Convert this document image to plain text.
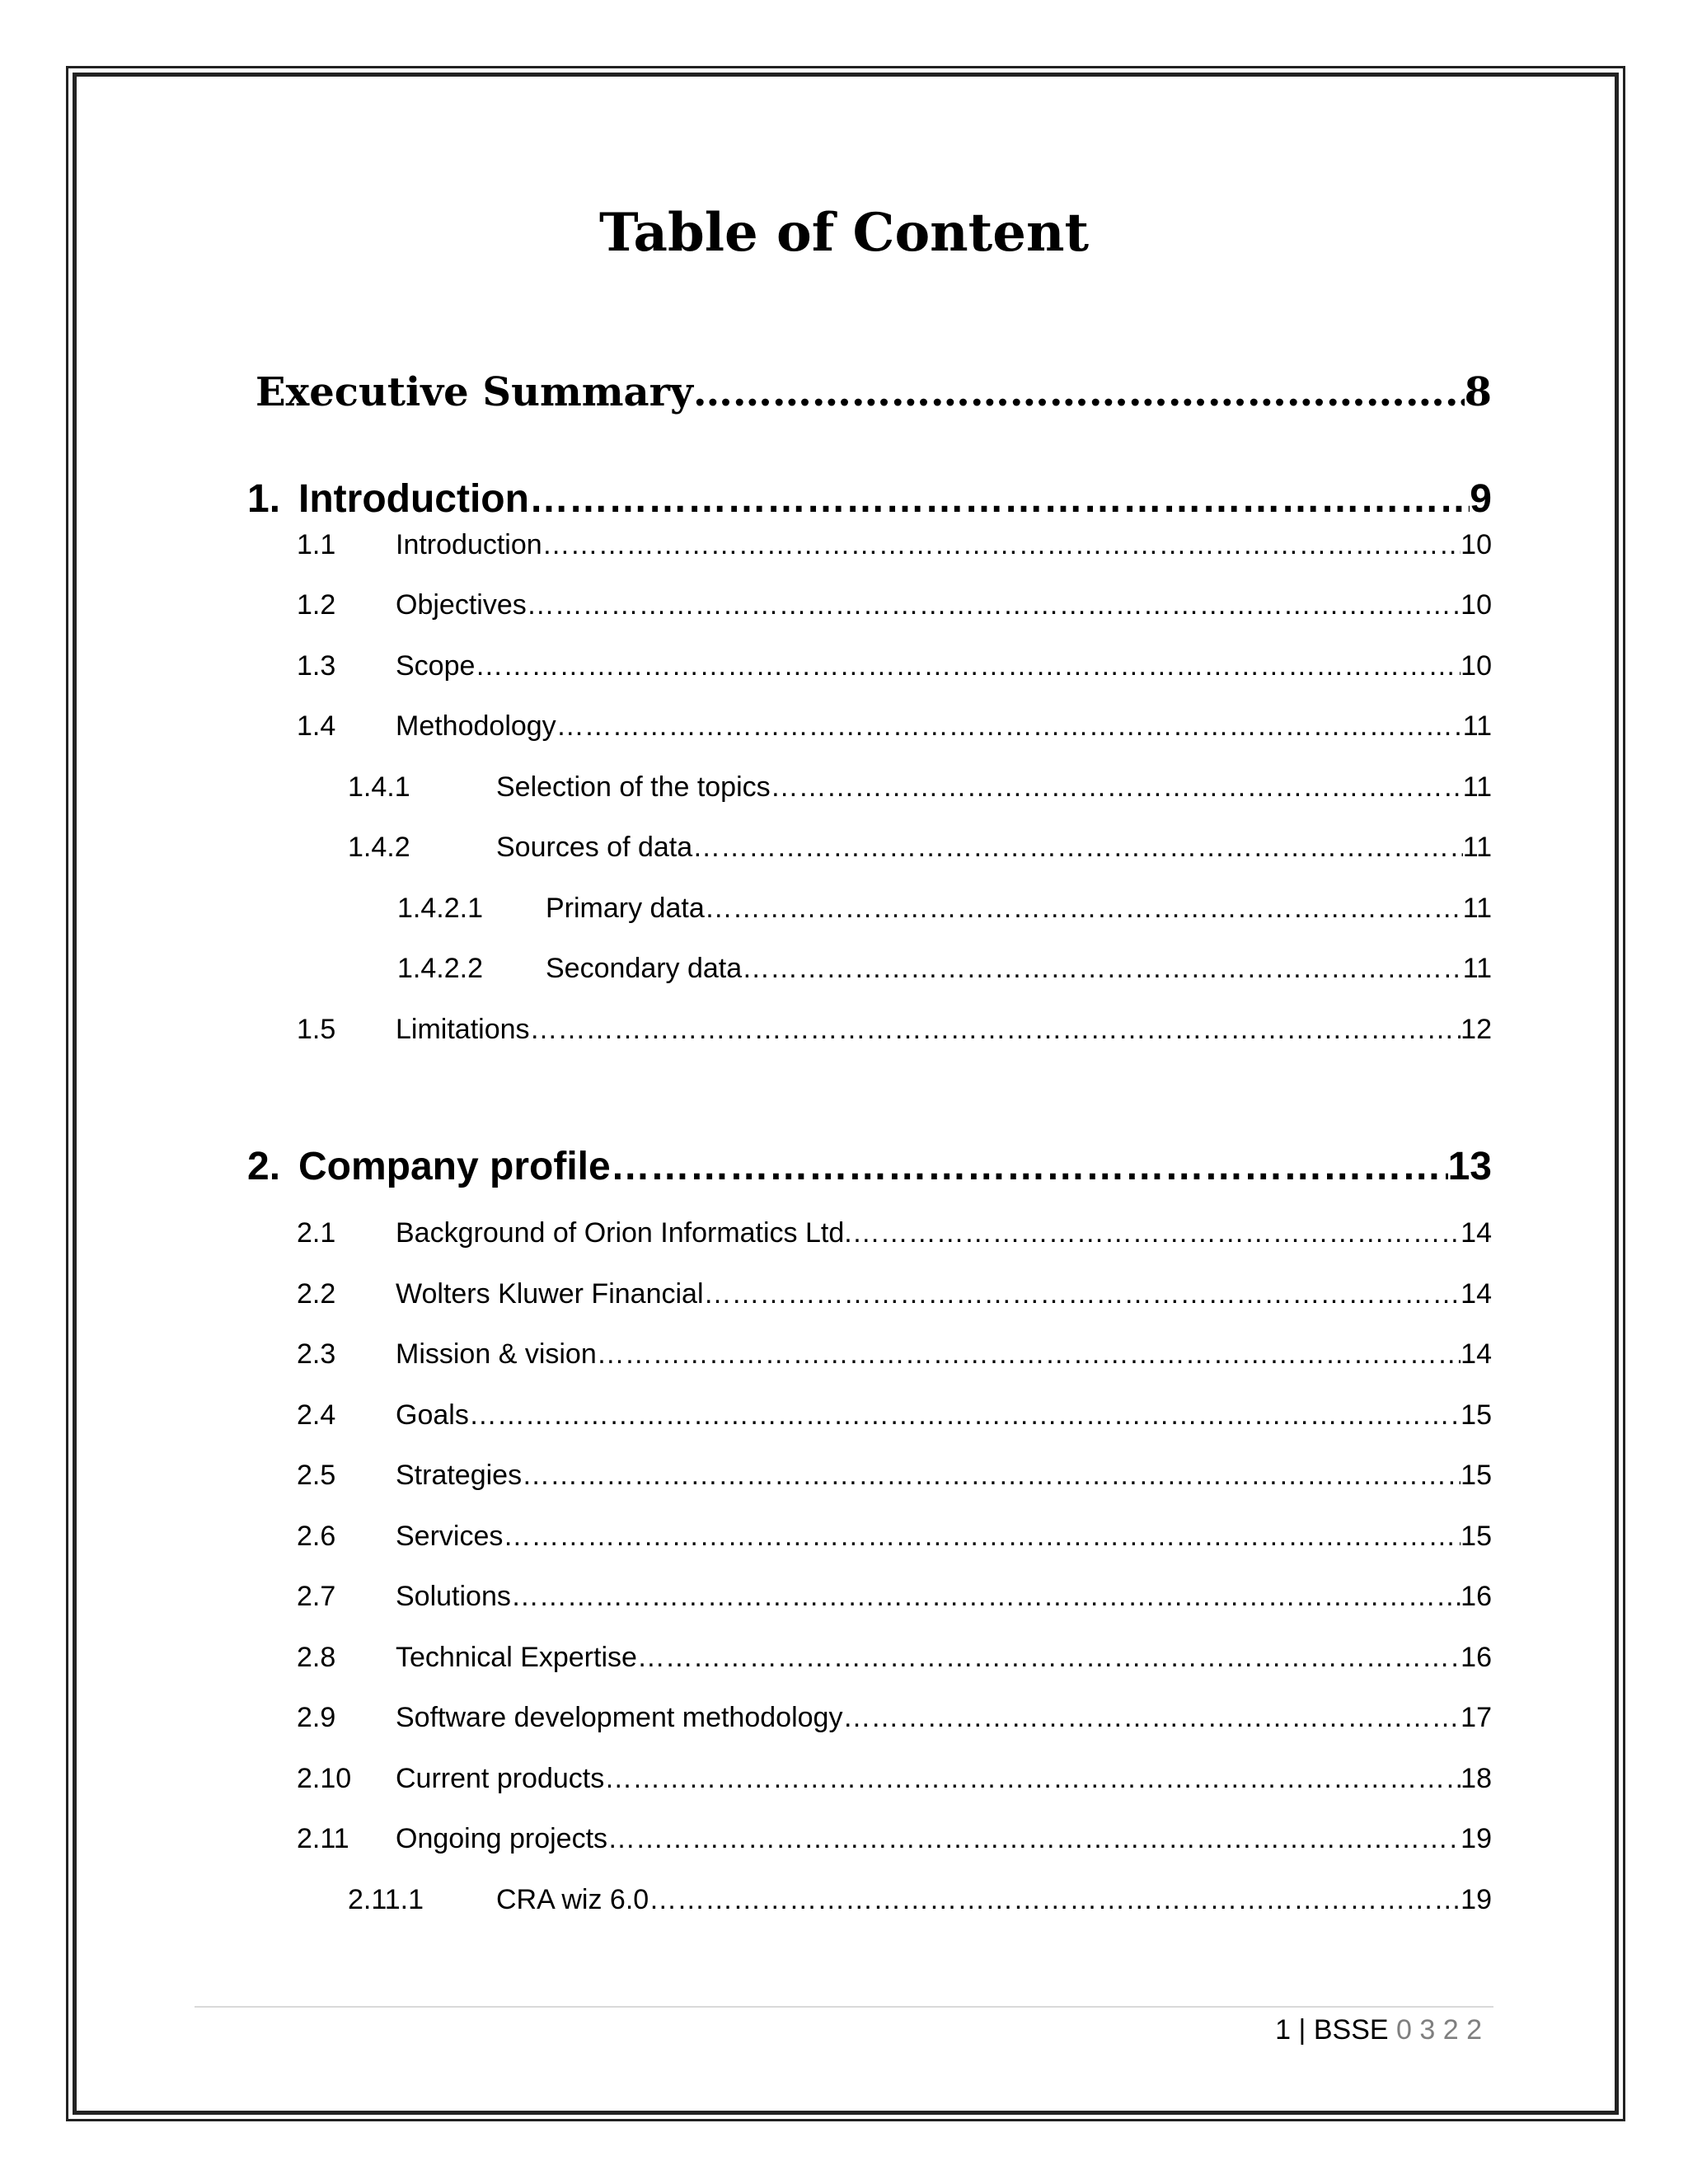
Table of Content
Executive Summary ………………………………………………………………………………………………………………………………………………………………………………………………………………………………………………………………………………………………………………………………	8
1. Introduction ………………………………………………………………………………………………………………………………………………………………………………………………………………………………………………………………………………………………………………………………	9
1.1	Introduction ………………………………………………………………………………………………………………………………………………………………………………………………………………………………………………………………………………………………………………………………	10
1.2	Objectives ………………………………………………………………………………………………………………………………………………………………………………………………………………………………………………………………………………………………………………………………	10
1.3	Scope ………………………………………………………………………………………………………………………………………………………………………………………………………………………………………………………………………………………………………………………………	10
1.4	Methodology ………………………………………………………………………………………………………………………………………………………………………………………………………………………………………………………………………………………………………………………………	11
1.4.1	Selection of the topics ………………………………………………………………………………………………………………………………………………………………………………………………………………………………………………………………………………………………………………………………	11
1.4.2	Sources of data ………………………………………………………………………………………………………………………………………………………………………………………………………………………………………………………………………………………………………………………………	11
1.4.2.1	Primary data ………………………………………………………………………………………………………………………………………………………………………………………………………………………………………………………………………………………………………………………………	11
1.4.2.2	Secondary data ………………………………………………………………………………………………………………………………………………………………………………………………………………………………………………………………………………………………………………………………	11
1.5	Limitations ………………………………………………………………………………………………………………………………………………………………………………………………………………………………………………………………………………………………………………………………	12
2. Company profile ………………………………………………………………………………………………………………………………………………………………………………………………………………………………………………………………………………………………………………………………	13
2.1	Background of Orion Informatics Ltd. ………………………………………………………………………………………………………………………………………………………………………………………………………………………………………………………………………………………………………………………………	14
2.2	Wolters Kluwer Financial ………………………………………………………………………………………………………………………………………………………………………………………………………………………………………………………………………………………………………………………………	14
2.3	Mission & vision ………………………………………………………………………………………………………………………………………………………………………………………………………………………………………………………………………………………………………………………………	14
2.4	Goals ………………………………………………………………………………………………………………………………………………………………………………………………………………………………………………………………………………………………………………………………	15
2.5	Strategies ………………………………………………………………………………………………………………………………………………………………………………………………………………………………………………………………………………………………………………………………	15
2.6	Services ………………………………………………………………………………………………………………………………………………………………………………………………………………………………………………………………………………………………………………………………	15
2.7	Solutions ………………………………………………………………………………………………………………………………………………………………………………………………………………………………………………………………………………………………………………………………	16
2.8	Technical Expertise ………………………………………………………………………………………………………………………………………………………………………………………………………………………………………………………………………………………………………………………………	16
2.9	Software development methodology ………………………………………………………………………………………………………………………………………………………………………………………………………………………………………………………………………………………………………………………………	17
2.10	Current products ………………………………………………………………………………………………………………………………………………………………………………………………………………………………………………………………………………………………………………………………	18
2.11	Ongoing projects ………………………………………………………………………………………………………………………………………………………………………………………………………………………………………………………………………………………………………………………………	19
2.11.1	CRA wiz 6.0 ………………………………………………………………………………………………………………………………………………………………………………………………………………………………………………………………………………………………………………………………	19
1 | BSSE 0 3 2 2
